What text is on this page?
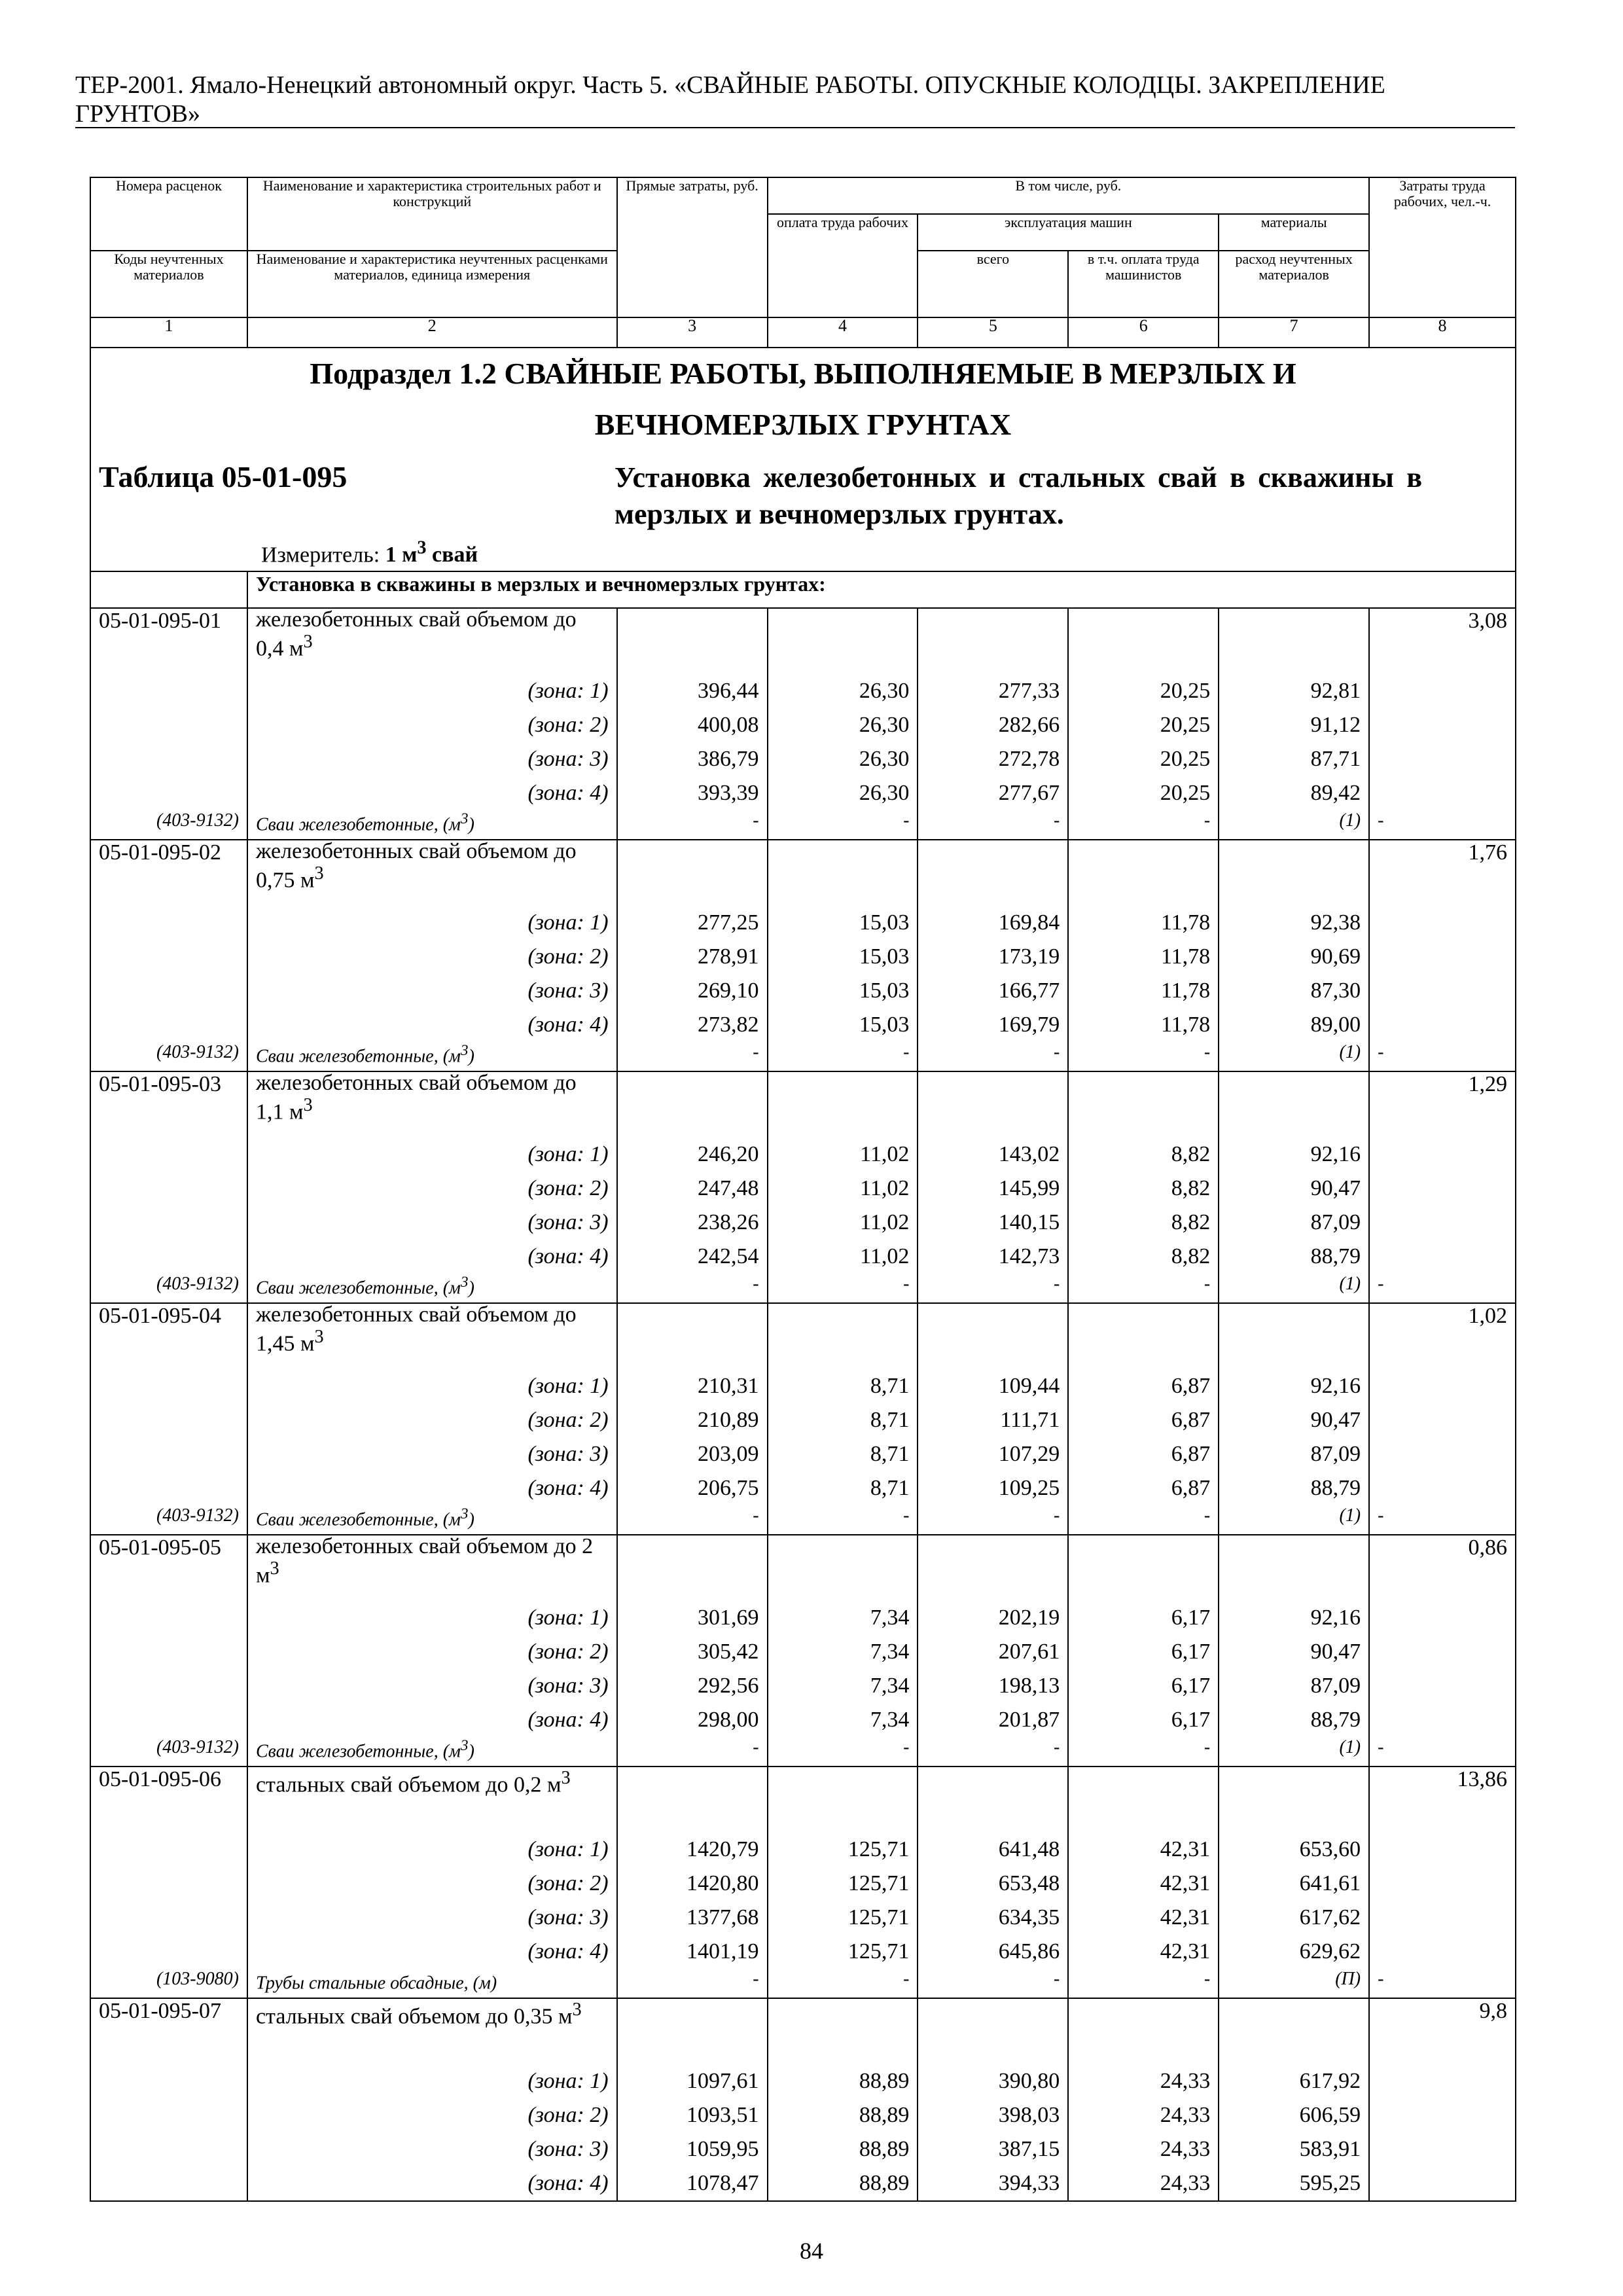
ТЕР-2001. Ямало-Ненецкий автономный округ. Часть 5. «СВАЙНЫЕ РАБОТЫ. ОПУСКНЫЕ КОЛОДЦЫ. ЗАКРЕПЛЕНИЕ ГРУНТОВ»
Номера расценок	Наименование и характеристика строительных работ и конструкций	Прямые затраты, руб.	В том числе, руб.				Затраты труда рабочих, чел.-ч.
			оплата труда рабочих	эксплуатация машин		материалы	
Коды неучтенных материалов	Наименование и характеристика неучтенных расценками материалов, единица измерения			всего	в т.ч. оплата труда машинистов	расход неучтенных материалов	
1	2	3	4	5	6	7	8

Подраздел 1.2 СВАЙНЫЕ РАБОТЫ, ВЫПОЛНЯЕМЫЕ В МЕРЗЛЫХ И
ВЕЧНОМЕРЗЛЫХ ГРУНТАХ
Таблица 05-01-095 Установка железобетонных и стальных свай в скважины в мерзлых и вечномерзлых грунтах.
Измеритель: 1 $м^3$ свай							

	Установка в скважины в мерзлых и вечномерзлых грунтах:						
05-01-095-01	железобетонных свай объемом до 0,4 $м^3$						3,08
	(зона: 1)	396,44	26,30	277,33	20,25	92,81	
	(зона: 2)	400,08	26,30	282,66	20,25	91,12	
	(зона: 3)	386,79	26,30	272,78	20,25	87,71	
	(зона: 4)	393,39	26,30	277,67	20,25	89,42	
(403-9132)	Сваи железобетонные, $(м^3)$	-	-	-	-	(1)	-
05-01-095-02	железобетонных свай объемом до 0,75 $м^3$						1,76
	(зона: 1)	277,25	15,03	169,84	11,78	92,38	
	(зона: 2)	278,91	15,03	173,19	11,78	90,69	
	(зона: 3)	269,10	15,03	166,77	11,78	87,30	
	(зона: 4)	273,82	15,03	169,79	11,78	89,00	
(403-9132)	Сваи железобетонные, $(м^3)$	-	-	-	-	(1)	-
05-01-095-03	железобетонных свай объемом до 1,1 $м^3$						1,29
	(зона: 1)	246,20	11,02	143,02	8,82	92,16	
	(зона: 2)	247,48	11,02	145,99	8,82	90,47	
	(зона: 3)	238,26	11,02	140,15	8,82	87,09	
	(зона: 4)	242,54	11,02	142,73	8,82	88,79	
(403-9132)	Сваи железобетонные, $(м^3)$	-	-	-	-	(1)	-
05-01-095-04	железобетонных свай объемом до 1,45 $м^3$						1,02
	(зона: 1)	210,31	8,71	109,44	6,87	92,16	
	(зона: 2)	210,89	8,71	111,71	6,87	90,47	
	(зона: 3)	203,09	8,71	107,29	6,87	87,09	
	(зона: 4)	206,75	8,71	109,25	6,87	88,79	
(403-9132)	Сваи железобетонные, $(м^3)$	-	-	-	-	(1)	-
05-01-095-05	железобетонных свай объемом до 2 $м^3$						0,86
	(зона: 1)	301,69	7,34	202,19	6,17	92,16	
	(зона: 2)	305,42	7,34	207,61	6,17	90,47	
	(зона: 3)	292,56	7,34	198,13	6,17	87,09	
	(зона: 4)	298,00	7,34	201,87	6,17	88,79	
(403-9132)	Сваи железобетонные, $(м^3)$	-	-	-	-	(1)	-
05-01-095-06	стальных свай объемом до 0,2 $м^3$						13,86
	(зона: 1)	1420,79	125,71	641,48	42,31	653,60	
	(зона: 2)	1420,80	125,71	653,48	42,31	641,61	
	(зона: 3)	1377,68	125,71	634,35	42,31	617,62	
	(зона: 4)	1401,19	125,71	645,86	42,31	629,62	
(103-9080)	Трубы стальные обсадные, (м)	-	-	-	-	(П)	-
05-01-095-07	стальных свай объемом до 0,35 $м^3$						9,8
	(зона: 1)	1097,61	88,89	390,80	24,33	617,92	
	(зона: 2)	1093,51	88,89	398,03	24,33	606,59	
	(зона: 3)	1059,95	88,89	387,15	24,33	583,91	
	(зона: 4)	1078,47	88,89	394,33	24,33	595,25	
84
